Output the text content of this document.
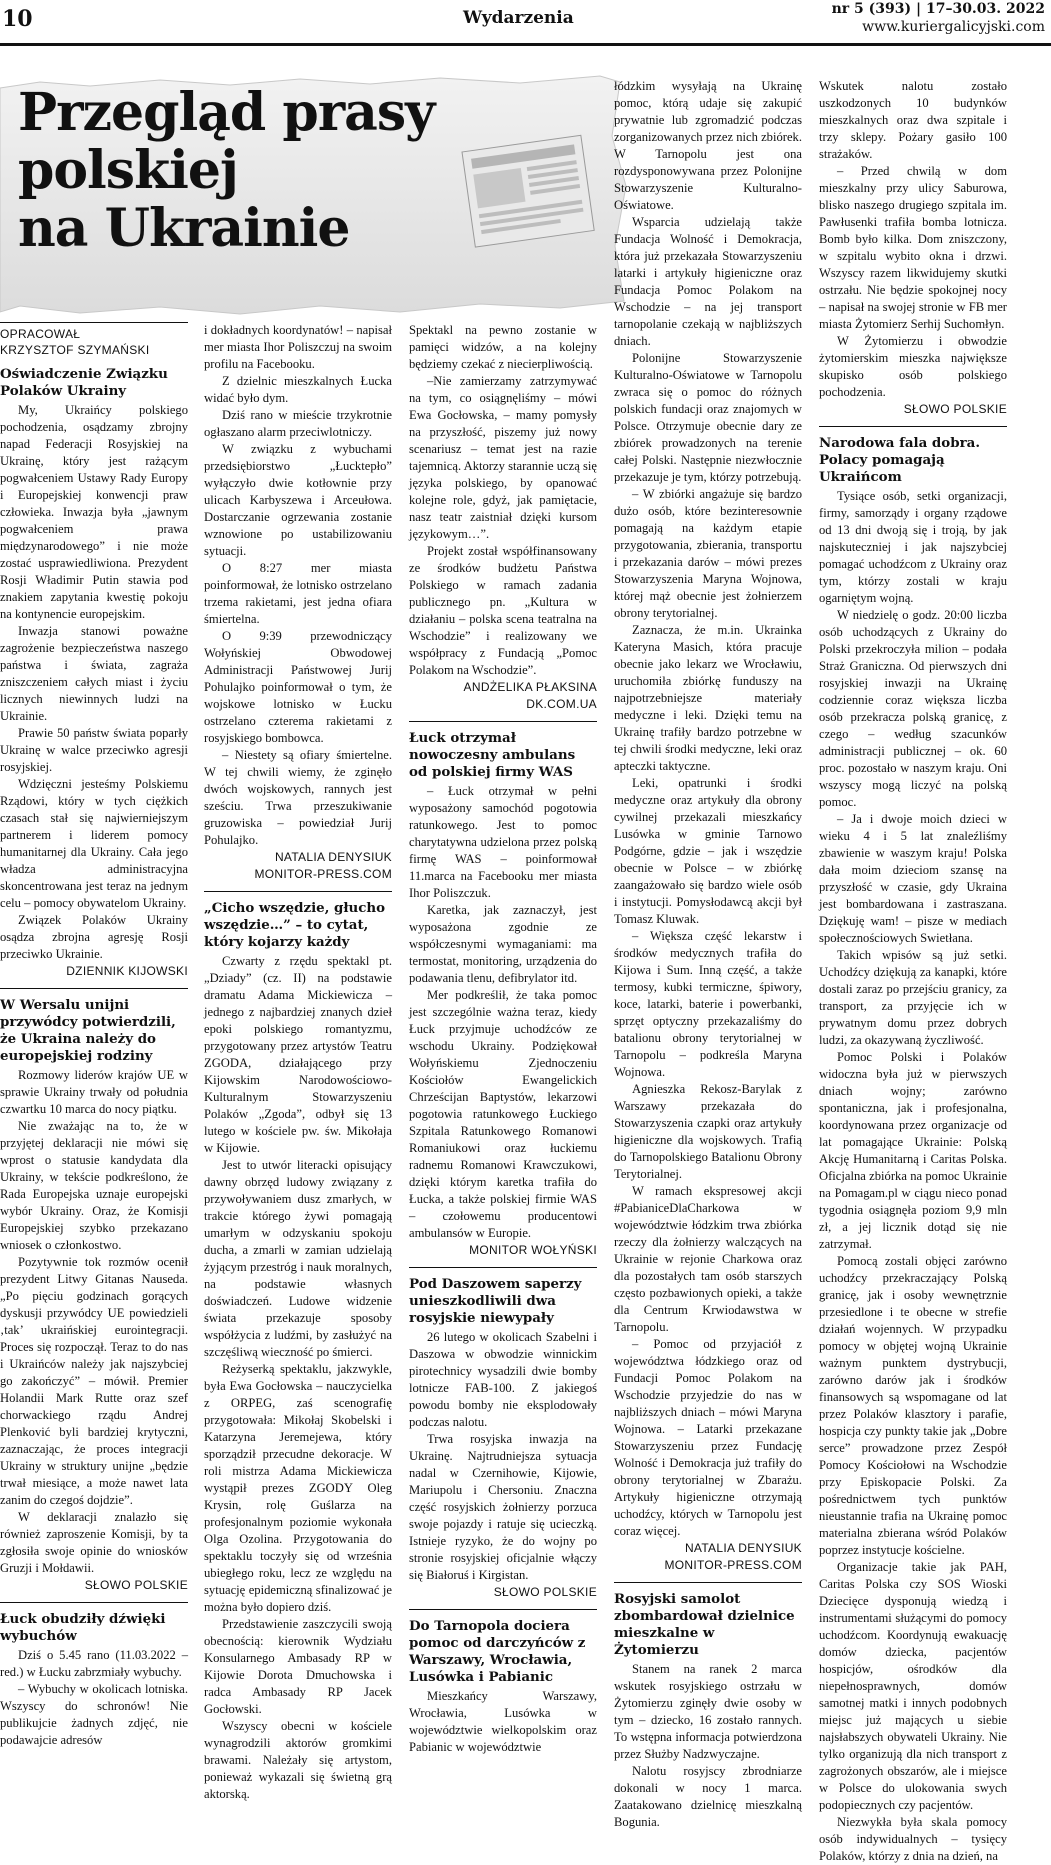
10	Wydarzenia	nr 5 (393) | 17–30.03. 2022
www.kuriergalicyjski.com
Przegląd prasy
polskiej
na Ukrainie
OPRACOWAŁ
KRZYSZTOF SZYMAŃSKI
Oświadczenie Związku Polaków Ukrainy

My, Ukraińcy polskiego pochodzenia, osądzamy zbrojny napad Federacji Rosyjskiej na Ukrainę, który jest rażącym pogwałceniem Ustawy Rady Europy i Europejskiej konwencji praw człowieka. Inwazja była „jawnym pogwałceniem prawa międzynarodowego” i nie może zostać usprawiedliwiona. Prezydent Rosji Władimir Putin stawia pod znakiem zapytania kwestię pokoju na kontynencie europejskim.

Inwazja stanowi poważne zagrożenie bezpieczeństwa naszego państwa i świata, zagraża zniszczeniem całych miast i życiu licznych niewinnych ludzi na Ukrainie.

Prawie 50 państw świata poparły Ukrainę w walce przeciwko agresji rosyjskiej.

Wdzięczni jesteśmy Polskiemu Rządowi, który w tych ciężkich czasach stał się najwierniejszym partnerem i liderem pomocy humanitarnej dla Ukrainy. Cała jego władza administracyjna skoncentrowana jest teraz na jednym celu – pomocy obywatelom Ukrainy.

Związek Polaków Ukrainy osądza zbrojna agresję Rosji przeciwko Ukrainie.

DZIENNIK KIJOWSKI

W Wersalu unijni przywódcy potwierdzili, że Ukraina należy do europejskiej rodziny

Rozmowy liderów krajów UE w sprawie Ukrainy trwały od południa czwartku 10 marca do nocy piątku.

Nie zważając na to, że w przyjętej deklaracji nie mówi się wprost o statusie kandydata dla Ukrainy, w tekście podkreślono, że Rada Europejska uznaje europejski wybór Ukrainy. Oraz, że Komisji Europejskiej szybko przekazano wniosek o członkostwo.

Pozytywnie tok rozmów ocenił prezydent Litwy Gitanas Nauseda. „Po pięciu godzinach gorących dyskusji przywódcy UE powiedzieli ‚tak’ ukraińskiej eurointegracji. Proces się rozpoczął. Teraz to do nas i Ukraińców należy jak najszybciej go zakończyć” – mówił. Premier Holandii Mark Rutte oraz szef chorwackiego rządu Andrej Plenković byli bardziej krytyczni, zaznaczając, że proces integracji Ukrainy w struktury unijne „będzie trwał miesiące, a może nawet lata zanim do czegoś dojdzie”.

W deklaracji znalazło się również zaproszenie Komisji, by ta zgłosiła swoje opinie do wniosków Gruzji i Mołdawii.

SŁOWO POLSKIE

Łuck obudziły dźwięki wybuchów

Dziś o 5.45 rano (11.03.2022 – red.) w Łucku zabrzmiały wybuchy.

– Wybuchy w okolicach lotniska. Wszyscy do schronów! Nie publikujcie żadnych zdjęć, nie podawajcie adresów

i dokładnych koordynatów! – napisał mer miasta Ihor Poliszczuj na swoim profilu na Facebooku.

Z dzielnic mieszkalnych Łucka widać było dym.

Dziś rano w mieście trzykrotnie ogłaszano alarm przeciwlotniczy.

W związku z wybuchami przedsiębiorstwo „Łucktepło” wyłączyło dwie kotłownie przy ulicach Karbyszewa i Arceułowa. Dostarczanie ogrzewania zostanie wznowione po ustabilizowaniu sytuacji.

O 8:27 mer miasta poinformował, że lotnisko ostrzelano trzema rakietami, jest jedna ofiara śmiertelna.

O 9:39 przewodniczący Wołyńskiej Obwodowej Administracji Państwowej Jurij Pohulajko poinformował o tym, że wojskowe lotnisko w Łucku ostrzelano czterema rakietami z rosyjskiego bombowca.

– Niestety są ofiary śmiertelne. W tej chwili wiemy, że zginęło dwóch wojskowych, rannych jest sześciu. Trwa przeszukiwanie gruzowiska – powiedział Jurij Pohulajko.

NATALIA DENYSIUK

MONITOR-PRESS.COM

„Cicho wszędzie, głucho wszędzie…” – to cytat, który kojarzy każdy

Czwarty z rzędu spektakl pt. „Dziady” (cz. II) na podstawie dramatu Adama Mickiewicza – jednego z najbardziej znanych dzieł epoki polskiego romantyzmu, przygotowany przez artystów Teatru ZGODA, działającego przy Kijowskim Narodowościowo-Kulturalnym Stowarzyszeniu Polaków „Zgoda”, odbył się 13 lutego w kościele pw. św. Mikołaja w Kijowie.

Jest to utwór literacki opisujący dawny obrzęd ludowy związany z przywoływaniem dusz zmarłych, w trakcie którego żywi pomagają umarłym w odzyskaniu spokoju ducha, a zmarli w zamian udzielają żyjącym przestróg i nauk moralnych, na podstawie własnych doświadczeń. Ludowe widzenie świata przekazuje sposoby współżycia z ludźmi, by zasłużyć na szczęśliwą wieczność po śmierci.

Reżyserką spektaklu, jakzwykle, była Ewa Gocłowska – nauczycielka z ORPEG, zaś scenografię przygotowała: Mikołaj Skobelski i Katarzyna Jeremejewa, który sporządził przecudne dekoracje. W roli mistrza Adama Mickiewicza wystąpił prezes ZGODY Oleg Krysin, rolę Guślarza na profesjonalnym poziomie wykonała Olga Ozolina. Przygotowania do spektaklu toczyły się od września ubiegłego roku, lecz ze względu na sytuację epidemiczną sfinalizować je można było dopiero dziś.

Przedstawienie zaszczycili swoją obecnością: kierownik Wydziału Konsularnego Ambasady RP w Kijowie Dorota Dmuchowska i radca Ambasady RP Jacek Gocłowski.

Wszyscy obecni w kościele wynagrodzili aktorów gromkimi brawami. Należały się artystom, ponieważ wykazali się świetną grą aktorską.

Spektakl na pewno zostanie w pamięci widzów, a na kolejny będziemy czekać z niecierpliwością.

–Nie zamierzamy zatrzymywać na tym, co osiągnęliśmy – mówi Ewa Gocłowska, – mamy pomysły na przyszłość, piszemy już nowy scenariusz – temat jest na razie tajemnicą. Aktorzy starannie uczą się języka polskiego, by opanować kolejne role, gdyż, jak pamiętacie, nasz teatr zaistniał dzięki kursom językowym…”.

Projekt został współfinansowany ze środków budżetu Państwa Polskiego w ramach zadania publicznego pn. „Kultura w działaniu – polska scena teatralna na Wschodzie” i realizowany we współpracy z Fundacją „Pomoc Polakom na Wschodzie”.

ANDŻELIKA PŁAKSINA

DK.COM.UA

Łuck otrzymał nowoczesny ambulans od polskiej firmy WAS

– Łuck otrzymał w pełni wyposażony samochód pogotowia ratunkowego. Jest to pomoc charytatywna udzielona przez polską firmę WAS – poinformował 11.marca na Facebooku mer miasta Ihor Poliszczuk.

Karetka, jak zaznaczył, jest wyposażona zgodnie ze współczesnymi wymaganiami: ma termostat, monitoring, urządzenia do podawania tlenu, defibrylator itd.

Mer podkreślił, że taka pomoc jest szczególnie ważna teraz, kiedy Łuck przyjmuje uchodźców ze wschodu Ukrainy. Podziękował Wołyńskiemu Zjednoczeniu Kościołów Ewangelickich Chrześcijan Baptystów, lekarzowi pogotowia ratunkowego Łuckiego Szpitala Ratunkowego Romanowi Romaniukowi oraz łuckiemu radnemu Romanowi Krawczukowi, dzięki którym karetka trafiła do Łucka, a także polskiej firmie WAS – czołowemu producentowi ambulansów w Europie.

MONITOR WOŁYŃSKI

Pod Daszowem saperzy unieszkodliwili dwa rosyjskie niewypały

26 lutego w okolicach Szabelni i Daszowa w obwodzie winnickim pirotechnicy wysadzili dwie bomby lotnicze FAB-100. Z jakiegoś powodu bomby nie eksplodowały podczas nalotu.

Trwa rosyjska inwazja na Ukrainę. Najtrudniejsza sytuacja nadal w Czernihowie, Kijowie, Mariupolu i Chersoniu. Znaczna część rosyjskich żołnierzy porzuca swoje pojazdy i ratuje się ucieczką. Istnieje ryzyko, że do wojny po stronie rosyjskiej oficjalnie włączy się Białoruś i Kirgistan.

SŁOWO POLSKIE

Do Tarnopola dociera pomoc od darczyńców z Warszawy, Wrocławia, Lusówka i Pabianic

Mieszkańcy Warszawy, Wrocławia, Lusówka w województwie wielkopolskim oraz Pabianic w województwie

łódzkim wysyłają na Ukrainę pomoc, którą udaje się zakupić prywatnie lub zgromadzić podczas zorganizowanych przez nich zbiórek. W Tarnopolu jest ona rozdysponowywana przez Polonijne Stowarzyszenie Kulturalno-Oświatowe.

Wsparcia udzielają także Fundacja Wolność i Demokracja, która już przekazała Stowarzyszeniu latarki i artykuły higieniczne oraz Fundacja Pomoc Polakom na Wschodzie – na jej transport tarnopolanie czekają w najbliższych dniach.

Polonijne Stowarzyszenie Kulturalno-Oświatowe w Tarnopolu zwraca się o pomoc do różnych polskich fundacji oraz znajomych w Polsce. Otrzymuje obecnie dary ze zbiórek prowadzonych na terenie całej Polski. Następnie niezwłocznie przekazuje je tym, którzy potrzebują.

– W zbiórki angażuje się bardzo dużo osób, które bezinteresownie pomagają na każdym etapie przygotowania, zbierania, transportu i przekazania darów – mówi prezes Stowarzyszenia Maryna Wojnowa, której mąż obecnie jest żołnierzem obrony terytorialnej.

Zaznacza, że m.in. Ukrainka Kateryna Masich, która pracuje obecnie jako lekarz we Wrocławiu, uruchomiła zbiórkę funduszy na najpotrzebniejsze materiały medyczne i leki. Dzięki temu na Ukrainę trafiły bardzo potrzebne w tej chwili środki medyczne, leki oraz apteczki taktyczne.

Leki, opatrunki i środki medyczne oraz artykuły dla obrony cywilnej przekazali mieszkańcy Lusówka w gminie Tarnowo Podgórne, gdzie – jak i wszędzie obecnie w Polsce – w zbiórkę zaangażowało się bardzo wiele osób i instytucji. Pomysłodawcą akcji był Tomasz Kluwak.

– Większa część lekarstw i środków medycznych trafiła do Kijowa i Sum. Inną część, a także termosy, kubki termiczne, śpiwory, koce, latarki, baterie i powerbanki, sprzęt optyczny przekazaliśmy do batalionu obrony terytorialnej w Tarnopolu – podkreśla Maryna Wojnowa.

Agnieszka Rekosz-Barylak z Warszawy przekazała do Stowarzyszenia czapki oraz artykuły higieniczne dla wojskowych. Trafią do Tarnopolskiego Batalionu Obrony Terytorialnej.

W ramach ekspresowej akcji #PabianiceDlaCharkowa w województwie łódzkim trwa zbiórka rzeczy dla żołnierzy walczących na Ukrainie w rejonie Charkowa oraz dla pozostałych tam osób starszych często pozbawionych opieki, a także dla Centrum Krwiodawstwa w Tarnopolu.

– Pomoc od przyjaciół z województwa łódzkiego oraz od Fundacji Pomoc Polakom na Wschodzie przyjedzie do nas w najbliższych dniach – mówi Maryna Wojnowa. – Latarki przekazane Stowarzyszeniu przez Fundację Wolność i Demokracja już trafiły do obrony terytorialnej w Zbarażu. Artykuły higieniczne otrzymają uchodźcy, których w Tarnopolu jest coraz więcej.

NATALIA DENYSIUK

MONITOR-PRESS.COM

Rosyjski samolot zbombardował dzielnice mieszkalne w Żytomierzu

Stanem na ranek 2 marca wskutek rosyjskiego ostrzału w Żytomierzu zginęły dwie osoby w tym – dziecko, 16 zostało rannych. To wstępna informacja potwierdzona przez Służby Nadzwyczajne.

Nalotu rosyjscy zbrodniarze dokonali w nocy 1 marca. Zaatakowano dzielnicę mieszkalną Boguniа.

Wskutek nalotu zostało uszkodzonych 10 budynków mieszkalnych oraz dwa szpitale i trzy sklepy. Pożary gasiło 100 strażaków.

– Przed chwilą w dom mieszkalny przy ulicy Saburowa, blisko naszego drugiego szpitala im. Pawłusenki trafiła bomba lotnicza. Bomb było kilka. Dom zniszczony, w szpitalu wybito okna i drzwi. Wszyscy razem likwidujemy skutki ostrzału. Nie będzie spokojnej nocy – napisał na swojej stronie w FB mer miasta Żytomierz Serhij Suchomłyn.

W Żytomierzu i obwodzie żytomierskim mieszka największe skupisko osób polskiego pochodzenia.

SŁOWO POLSKIE

Narodowa fala dobra. Polacy pomagają Ukraińcom

Tysiące osób, setki organizacji, firmy, samorządy i organy rządowe od 13 dni dwoją się i troją, by jak najskuteczniej i jak najszybciej pomagać uchodźcom z Ukrainy oraz tym, którzy zostali w kraju ogarniętym wojną.

W niedzielę o godz. 20:00 liczba osób uchodzących z Ukrainy do Polski przekroczyła milion – podała Straż Graniczna. Od pierwszych dni rosyjskiej inwazji na Ukrainę codziennie coraz większa liczba osób przekracza polską granicę, z czego – według szacunków administracji publicznej – ok. 60 proc. pozostało w naszym kraju. Oni wszyscy mogą liczyć na polską pomoc.

– Ja i dwoje moich dzieci w wieku 4 i 5 lat znaleźliśmy zbawienie w waszym kraju! Polska dała moim dzieciom szansę na przyszłość w czasie, gdy Ukraina jest bombardowana i zastraszana. Dziękuję wam! – pisze w mediach społecznościowych Swietłana.

Takich wpisów są już setki. Uchodźcy dziękują za kanapki, które dostali zaraz po przejściu granicy, za transport, za przyjęcie ich w prywatnym domu przez dobrych ludzi, za okazywaną życzliwość.

Pomoc Polski i Polaków widoczna była już w pierwszych dniach wojny; zarówno spontaniczna, jak i profesjonalna, koordynowana przez organizacje od lat pomagające Ukrainie: Polską Akcję Humanitarną i Caritas Polska. Oficjalna zbiórka na pomoc Ukrainie na Pomagam.pl w ciągu nieco ponad tygodnia osiągnęła poziom 9,9 mln zł, a jej licznik dotąd się nie zatrzymał.

Pomocą zostali objęci zarówno uchodźcy przekraczający Polską granicę, jak i osoby wewnętrznie przesiedlone i te obecne w strefie działań wojennych. W przypadku pomocy w objętej wojną Ukrainie ważnym punktem dystrybucji, zarówno darów jak i środków finansowych są wspomagane od lat przez Polaków klasztory i parafie, hospicja czy punkty takie jak „Dobre serce” prowadzone przez Zespół Pomocy Kościołowi na Wschodzie przy Episkopacie Polski. Za pośrednictwem tych punktów nieustannie trafia na Ukrainę pomoc materialna zbierana wśród Polaków poprzez instytucje kościelne.

Organizacje takie jak PAH, Caritas Polska czy SOS Wioski Dziecięce dysponują wiedzą i instrumentami służącymi do pomocy uchodźcom. Koordynują ewakuację domów dziecka, pacjentów hospicjów, ośrodków dla niepełnosprawnych, domów samotnej matki i innych podobnych miejsc już mających u siebie najsłabszych obywateli Ukrainy. Nie tylko organizują dla nich transport z zagrożonych obszarów, ale i miejsce w Polsce do ulokowania swych podopiecznych czy pacjentów.

Niezwykła była skala pomocy osób indywidualnych – tysięcy Polaków, którzy z dnia na dzień, na
